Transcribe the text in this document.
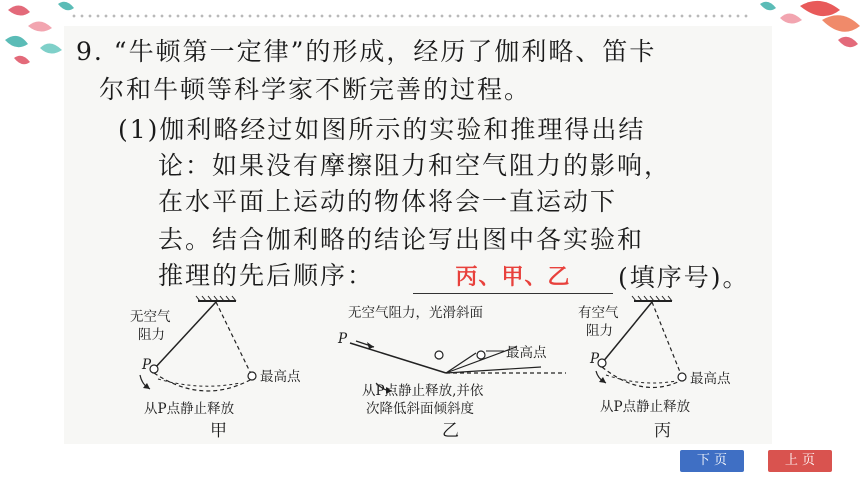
9. “牛顿第一定律”的形成，经历了伽利略、笛卡
尔和牛顿等科学家不断完善的过程。
(1)伽利略经过如图所示的实验和推理得出结
论：如果没有摩擦阻力和空气阻力的影响，
在水平面上运动的物体将会一直运动下
去。结合伽利略的结论写出图中各实验和
推理的先后顺序：	丙、甲、乙	(填序号)。
无空气
阻力
P
最高点
从P点静止释放
甲
无空气阻力，光滑斜面
P
最高点
从P点静止释放,并依
次降低斜面倾斜度
乙
有空气
阻力
P
最高点
从P点静止释放
丙
下 页	上 页
